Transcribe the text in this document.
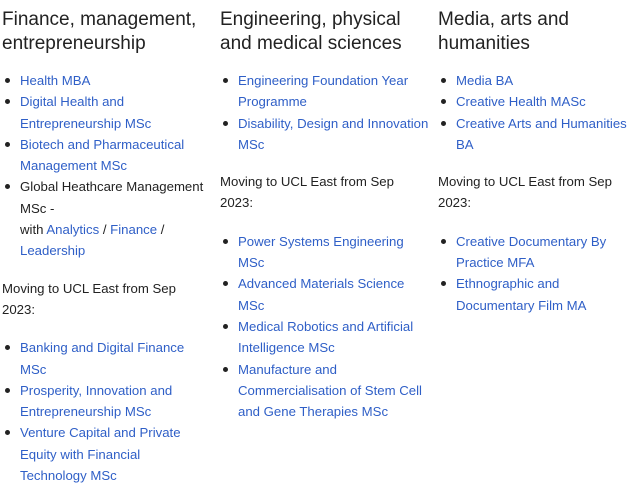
Finance, management, entrepreneurship
Health MBA
Digital Health and Entrepreneurship MSc
Biotech and Pharmaceutical Management MSc
Global Heathcare Management MSc -
with Analytics / Finance / Leadership

Moving to UCL East from Sep 2023:

Banking and Digital Finance MSc
Prosperity, Innovation and Entrepreneurship MSc
Venture Capital and Private Equity with Financial Technology MSc
Engineering, physical and medical sciences
Engineering Foundation Year Programme
Disability, Design and Innovation MSc

Moving to UCL East from Sep 2023:

Power Systems Engineering MSc
Advanced Materials Science MSc
Medical Robotics and Artificial Intelligence MSc
Manufacture and Commercialisation of Stem Cell and Gene Therapies MSc
Media, arts and humanities
Media BA
Creative Health MASc
Creative Arts and Humanities BA

Moving to UCL East from Sep 2023:

Creative Documentary By Practice MFA
Ethnographic and Documentary Film MA
